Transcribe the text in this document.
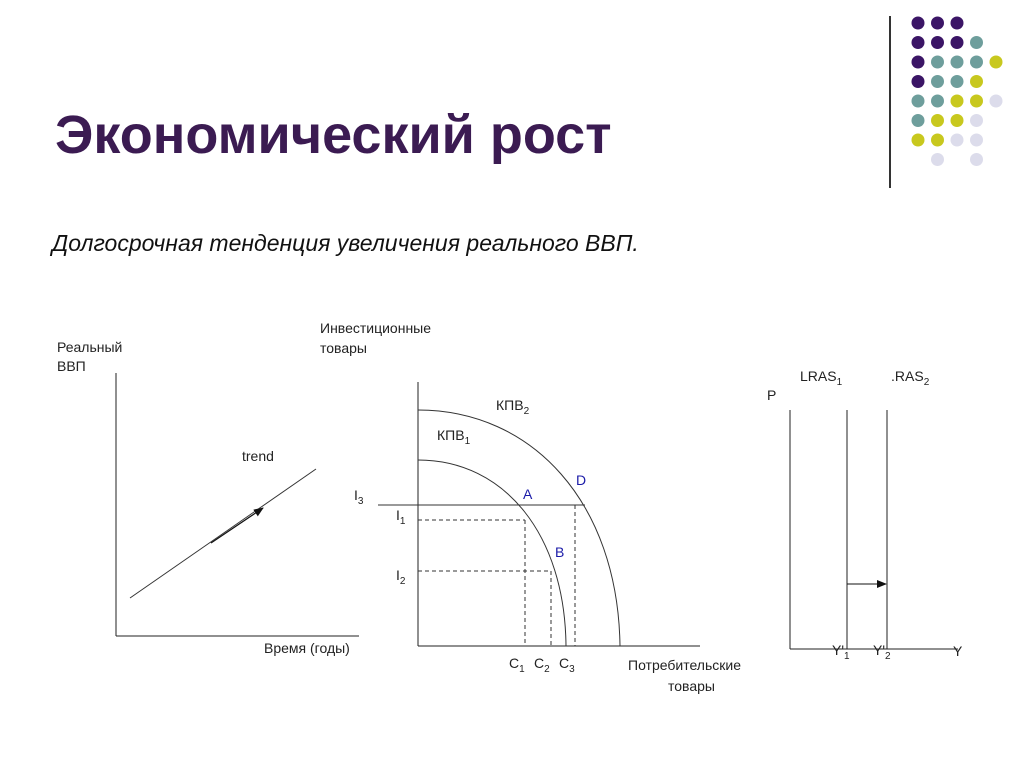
Экономический рост
Долгосрочная тенденция увеличения реального ВВП.
Реальный
ВВП
trend
Время (годы)
Инвестиционные
товары
$КПВ_2$
$КПВ_1$
A
B
D
$I_3$
$I_1$
$I_2$
$C_1$ $C_2$ $C_3$	Потребительские
товары
P
$LRAS_1$	$.RAS_2$
$Y'_1$ $Y'_2$	Y
